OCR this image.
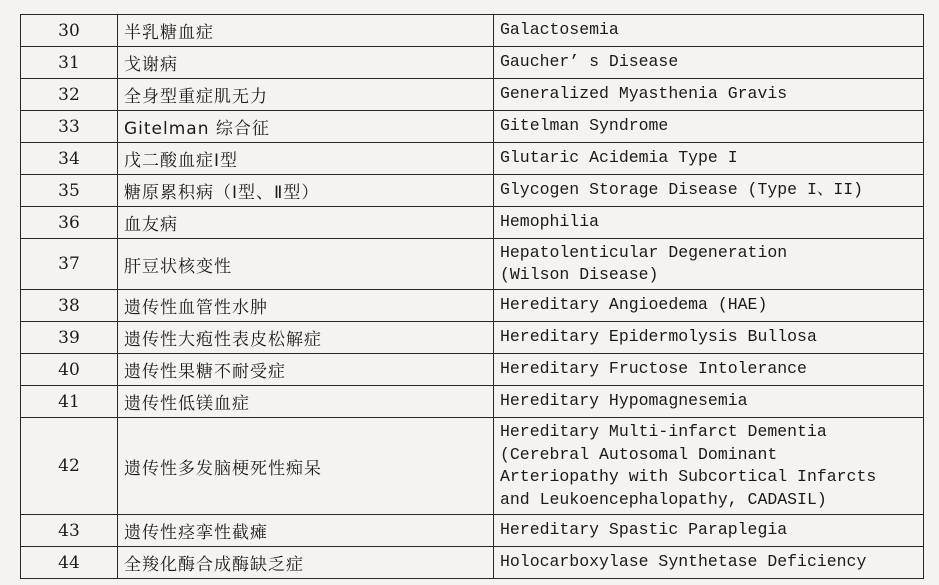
30	半乳糖血症	Galactosemia
31	戈谢病	Gaucher’ s Disease
32	全身型重症肌无力	Generalized Myasthenia Gravis
33	Gitelman 综合征	Gitelman Syndrome
34	戊二酸血症Ⅰ型	Glutaric Acidemia Type I
35	糖原累积病（Ⅰ型、Ⅱ型）	Glycogen Storage Disease (Type I、II)
36	血友病	Hemophilia
37	肝豆状核变性	Hepatolenticular Degeneration
(Wilson Disease)
38	遗传性血管性水肿	Hereditary Angioedema (HAE)
39	遗传性大疱性表皮松解症	Hereditary Epidermolysis Bullosa
40	遗传性果糖不耐受症	Hereditary Fructose Intolerance
41	遗传性低镁血症	Hereditary Hypomagnesemia
42	遗传性多发脑梗死性痴呆	Hereditary Multi-infarct Dementia
(Cerebral Autosomal Dominant
Arteriopathy with Subcortical Infarcts
and Leukoencephalopathy, CADASIL)
43	遗传性痉挛性截瘫	Hereditary Spastic Paraplegia
44	全羧化酶合成酶缺乏症	Holocarboxylase Synthetase Deficiency
